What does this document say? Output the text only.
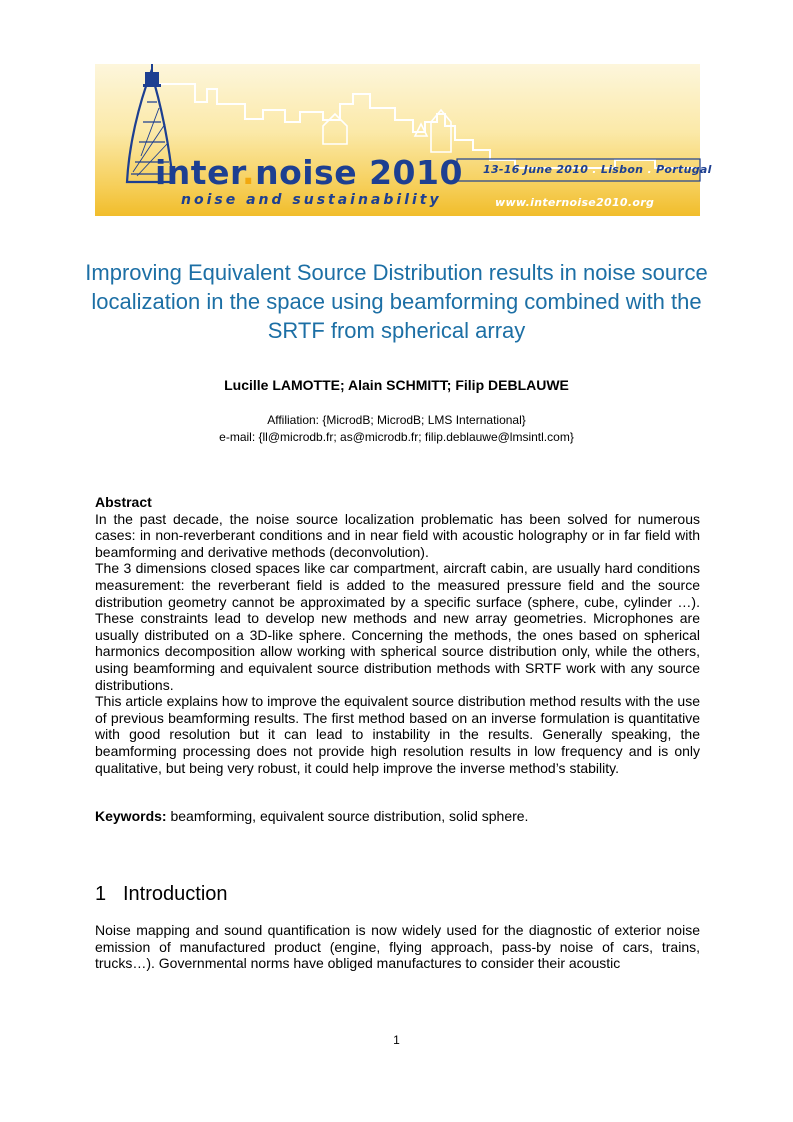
inter.noise 2010
noise and sustainability
13-16 June 2010 . Lisbon . Portugal
www.internoise2010.org
Improving Equivalent Source Distribution results in noise source localization in the space using beamforming combined with the SRTF from spherical array
Lucille LAMOTTE; Alain SCHMITT; Filip DEBLAUWE
Affiliation: {MicrodB; MicrodB; LMS International}
e-mail: {ll@microdb.fr; as@microdb.fr; filip.deblauwe@lmsintl.com}
Abstract

In the past decade, the noise source localization problematic has been solved for numerous cases: in non-reverberant conditions and in near field with acoustic holography or in far field with beamforming and derivative methods (deconvolution).

The 3 dimensions closed spaces like car compartment, aircraft cabin, are usually hard conditions measurement: the reverberant field is added to the measured pressure field and the source distribution geometry cannot be approximated by a specific surface (sphere, cube, cylinder …). These constraints lead to develop new methods and new array geometries. Microphones are usually distributed on a 3D-like sphere. Concerning the methods, the ones based on spherical harmonics decomposition allow working with spherical source distribution only, while the others, using beamforming and equivalent source distribution methods with SRTF work with any source distributions.

This article explains how to improve the equivalent source distribution method results with the use of previous beamforming results. The first method based on an inverse formulation is quantitative with good resolution but it can lead to instability in the results. Generally speaking, the beamforming processing does not provide high resolution results in low frequency and is only qualitative, but being very robust, it could help improve the inverse method’s stability.

Keywords: beamforming, equivalent source distribution, solid sphere.
1 Introduction

Noise mapping and sound quantification is now widely used for the diagnostic of exterior noise emission of manufactured product (engine, flying approach, pass-by noise of cars, trains, trucks…). Governmental norms have obliged manufactures to consider their acoustic

1
